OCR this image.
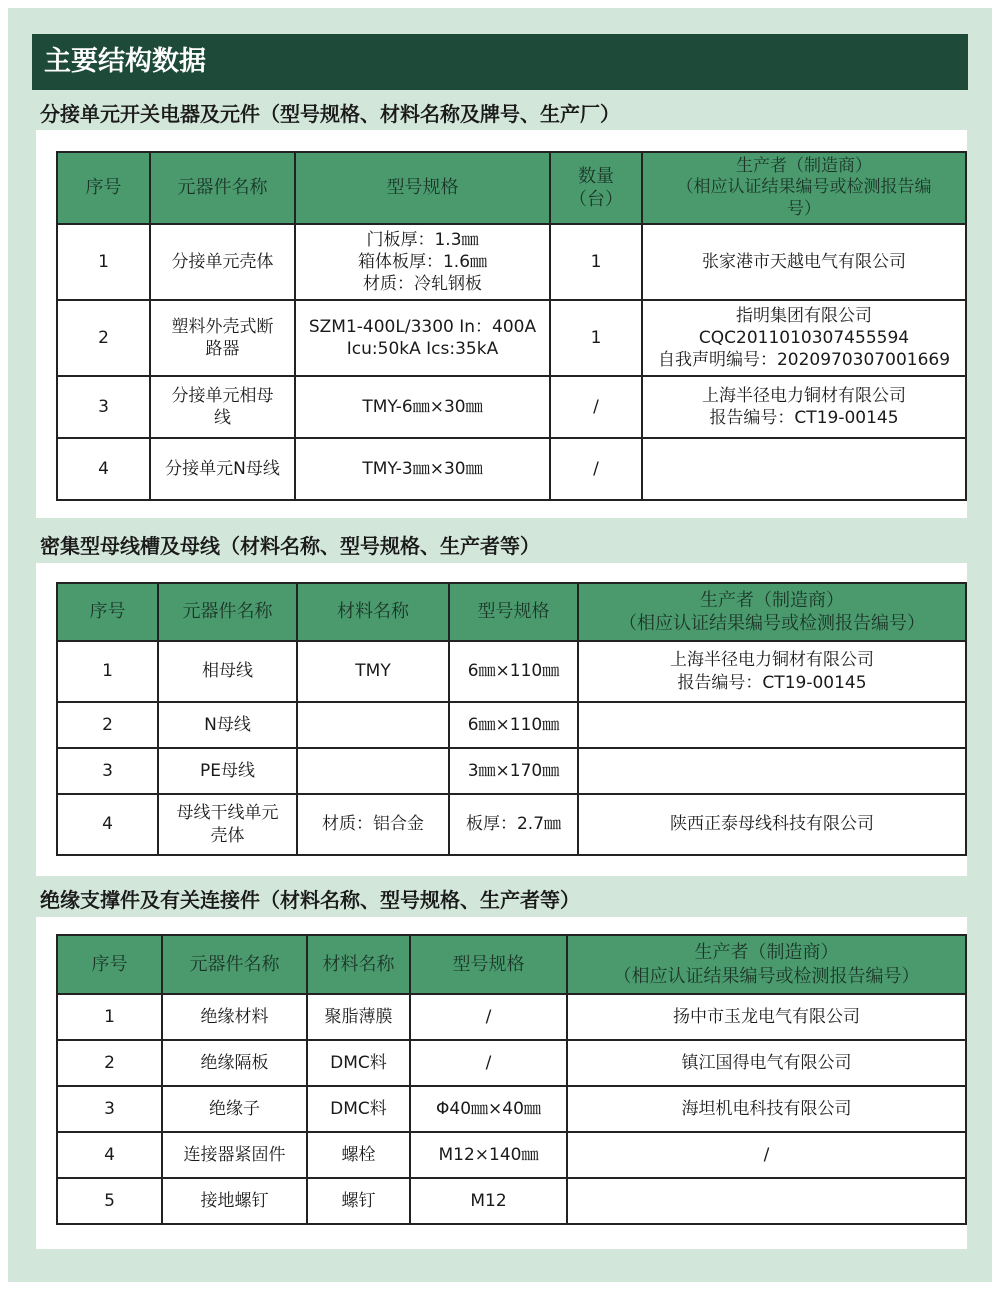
主要结构数据
分接单元开关电器及元件（型号规格、材料名称及牌号、生产厂）
序号	元器件名称	型号规格	数量
（台）	生产者（制造商）
（相应认证结果编号或检测报告编
号）

1	分接单元壳体	门板厚：1.3㎜
箱体板厚：1.6㎜
材质：冷轧钢板	1	张家港市天越电气有限公司

2	塑料外壳式断
路器	SZM1-400L/3300 In：400A
Icu:50kA Ics:35kA	1	指明集团有限公司
CQC2011010307455594
自我声明编号：2020970307001669

3	分接单元相母
线	TMY-6㎜×30㎜	/	上海半径电力铜材有限公司
报告编号：CT19-00145

4	分接单元N母线	TMY-3㎜×30㎜	/	
密集型母线槽及母线（材料名称、型号规格、生产者等）
序号	元器件名称	材料名称	型号规格	生产者（制造商）
（相应认证结果编号或检测报告编号）

1	相母线	TMY	6㎜×110㎜	上海半径电力铜材有限公司
报告编号：CT19-00145

2	N母线		6㎜×110㎜	
3	PE母线		3㎜×170㎜	
4	母线干线单元
壳体	材质：铝合金	板厚：2.7㎜	陕西正泰母线科技有限公司
绝缘支撑件及有关连接件（材料名称、型号规格、生产者等）
序号	元器件名称	材料名称	型号规格	生产者（制造商）
（相应认证结果编号或检测报告编号）

1	绝缘材料	聚脂薄膜	/	扬中市玉龙电气有限公司
2	绝缘隔板	DMC料	/	镇江国得电气有限公司
3	绝缘子	DMC料	Φ40㎜×40㎜	海坦机电科技有限公司
4	连接器紧固件	螺栓	M12×140㎜	/
5	接地螺钉	螺钉	M12	
